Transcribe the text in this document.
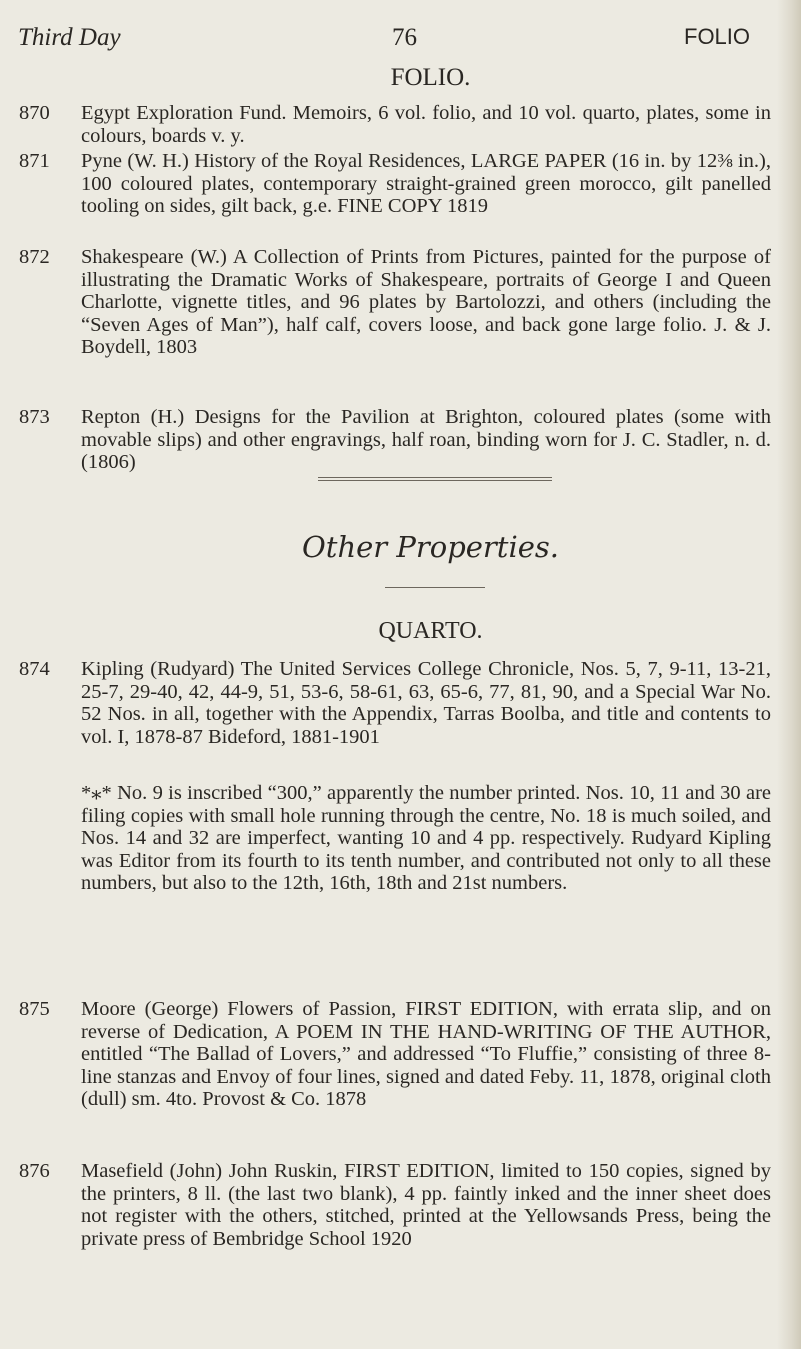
Third Day	76	FOLIO
FOLIO.
870 Egypt Exploration Fund. Memoirs, 6 vol. folio, and 10 vol. quarto, plates, some in colours, boards v. y.
871 Pyne (W. H.) History of the Royal Residences, LARGE PAPER (16 in. by 12⅜ in.), 100 coloured plates, contemporary straight-grained green morocco, gilt panelled tooling on sides, gilt back, g.e. FINE COPY 1819
872 Shakespeare (W.) A Collection of Prints from Pictures, painted for the purpose of illustrating the Dramatic Works of Shakespeare, portraits of George I and Queen Charlotte, vignette titles, and 96 plates by Bartolozzi, and others (including the “Seven Ages of Man”), half calf, covers loose, and back gone large folio. J. & J. Boydell, 1803
873 Repton (H.) Designs for the Pavilion at Brighton, coloured plates (some with movable slips) and other engravings, half roan, binding worn for J. C. Stadler, n. d. (1806)
Other Properties.
QUARTO.
874 Kipling (Rudyard) The United Services College Chronicle, Nos. 5, 7, 9-11, 13-21, 25-7, 29-40, 42, 44-9, 51, 53-6, 58-61, 63, 65-6, 77, 81, 90, and a Special War No. 52 Nos. in all, together with the Appendix, Tarras Boolba, and title and contents to vol. I, 1878-87 Bideford, 1881-1901
*⁎* No. 9 is inscribed “300,” apparently the number printed. Nos. 10, 11 and 30 are filing copies with small hole running through the centre, No. 18 is much soiled, and Nos. 14 and 32 are imperfect, wanting 10 and 4 pp. respectively. Rudyard Kipling was Editor from its fourth to its tenth number, and contributed not only to all these numbers, but also to the 12th, 16th, 18th and 21st numbers.
875 Moore (George) Flowers of Passion, FIRST EDITION, with errata slip, and on reverse of Dedication, A POEM IN THE HAND-WRITING OF THE AUTHOR, entitled “The Ballad of Lovers,” and addressed “To Fluffie,” consisting of three 8-line stanzas and Envoy of four lines, signed and dated Feby. 11, 1878, original cloth (dull) sm. 4to. Provost & Co. 1878
876 Masefield (John) John Ruskin, FIRST EDITION, limited to 150 copies, signed by the printers, 8 ll. (the last two blank), 4 pp. faintly inked and the inner sheet does not register with the others, stitched, printed at the Yellowsands Press, being the private press of Bembridge School 1920
